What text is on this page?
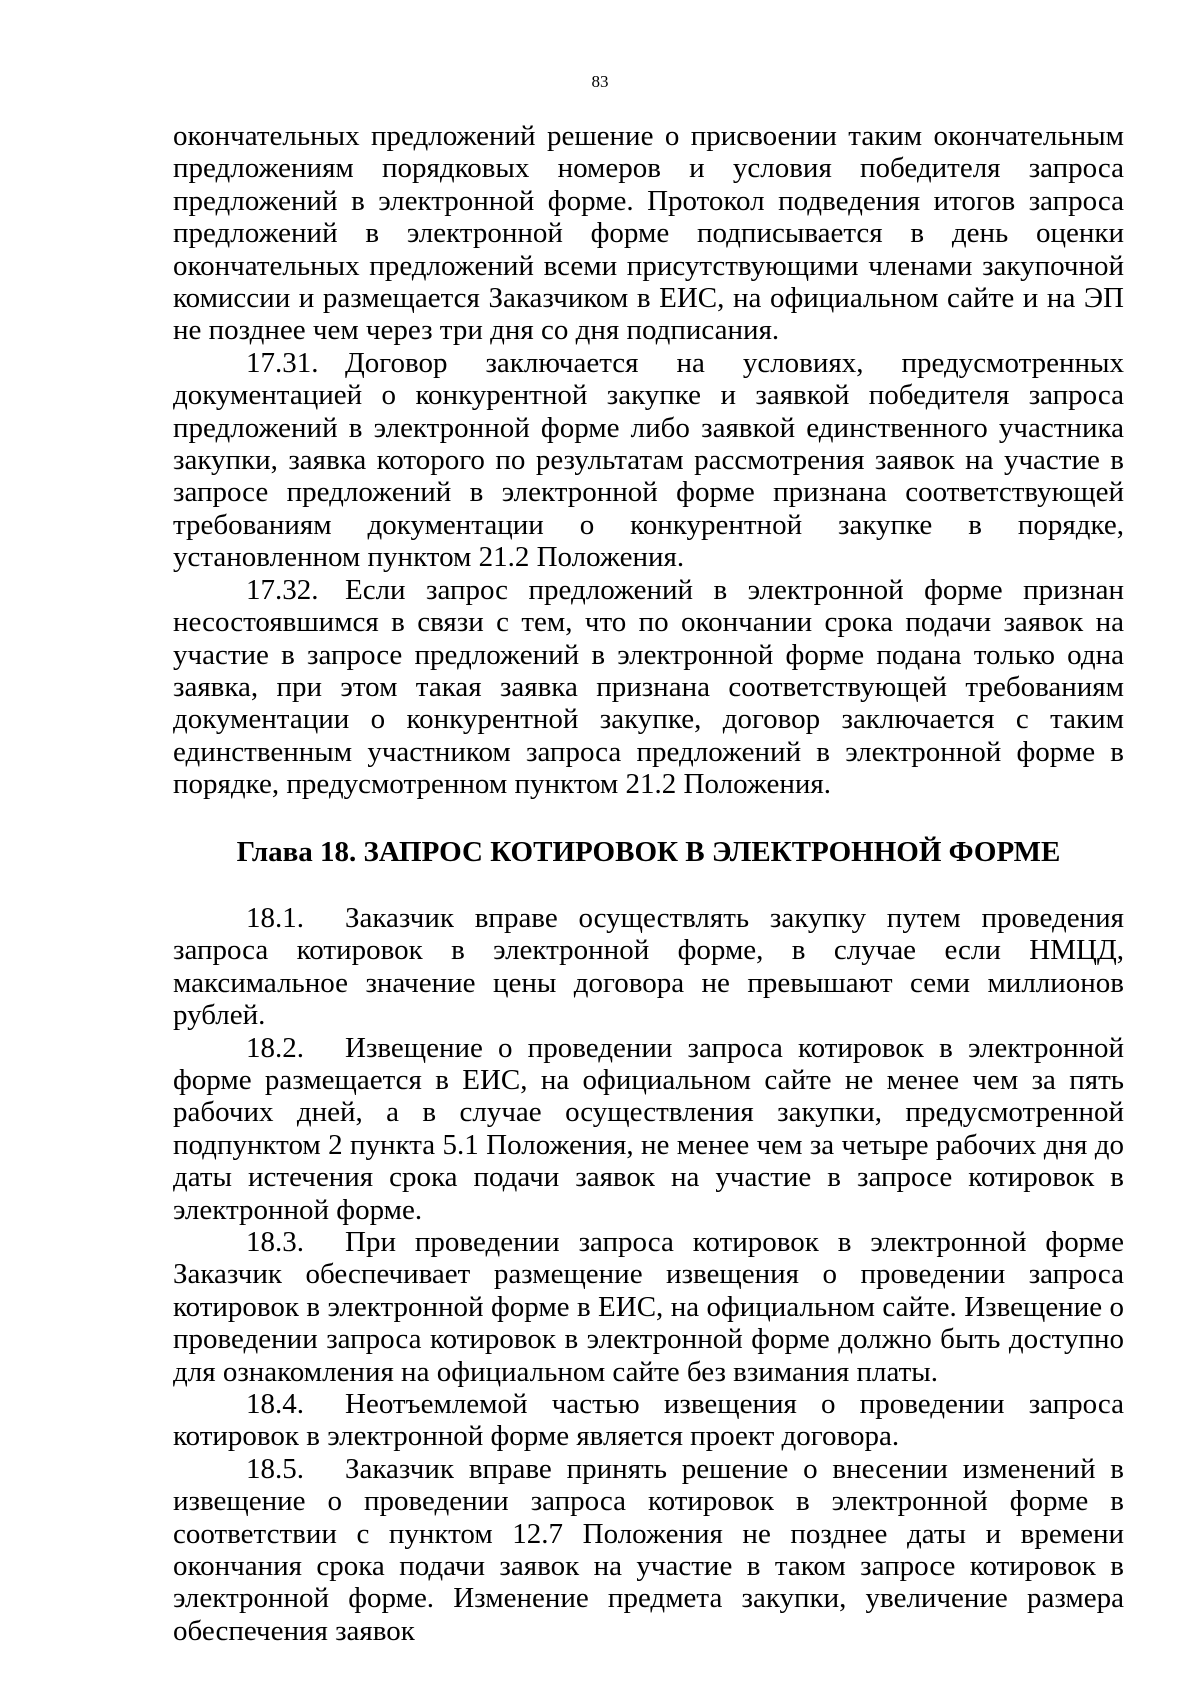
83

окончательных предложений решение о присвоении таким окончательным предложениям порядковых номеров и условия победителя запроса предложений в электронной форме. Протокол подведения итогов запроса предложений в электронной форме подписывается в день оценки окончательных предложений всеми присутствующими членами закупочной комиссии и размещается Заказчиком в ЕИС, на официальном сайте и на ЭП не позднее чем через три дня со дня подписания.

17.31. Договор заключается на условиях, предусмотренных документацией о конкурентной закупке и заявкой победителя запроса предложений в электронной форме либо заявкой единственного участника закупки, заявка которого по результатам рассмотрения заявок на участие в запросе предложений в электронной форме признана соответствующей требованиям документации о конкурентной закупке в порядке, установленном пунктом 21.2 Положения.

17.32. Если запрос предложений в электронной форме признан несостоявшимся в связи с тем, что по окончании срока подачи заявок на участие в запросе предложений в электронной форме подана только одна заявка, при этом такая заявка признана соответствующей требованиям документации о конкурентной закупке, договор заключается с таким единственным участником запроса предложений в электронной форме в порядке, предусмотренном пунктом 21.2 Положения.

Глава 18. ЗАПРОС КОТИРОВОК В ЭЛЕКТРОННОЙ ФОРМЕ

18.1. Заказчик вправе осуществлять закупку путем проведения запроса котировок в электронной форме, в случае если НМЦД, максимальное значение цены договора не превышают семи миллионов рублей.

18.2. Извещение о проведении запроса котировок в электронной форме размещается в ЕИС, на официальном сайте не менее чем за пять рабочих дней, а в случае осуществления закупки, предусмотренной подпунктом 2 пункта 5.1 Положения, не менее чем за четыре рабочих дня до даты истечения срока подачи заявок на участие в запросе котировок в электронной форме.

18.3. При проведении запроса котировок в электронной форме Заказчик обеспечивает размещение извещения о проведении запроса котировок в электронной форме в ЕИС, на официальном сайте. Извещение о проведении запроса котировок в электронной форме должно быть доступно для ознакомления на официальном сайте без взимания платы.

18.4. Неотъемлемой частью извещения о проведении запроса котировок в электронной форме является проект договора.

18.5. Заказчик вправе принять решение о внесении изменений в извещение о проведении запроса котировок в электронной форме в соответствии с пунктом 12.7 Положения не позднее даты и времени окончания срока подачи заявок на участие в таком запросе котировок в электронной форме. Изменение предмета закупки, увеличение размера обеспечения заявок
